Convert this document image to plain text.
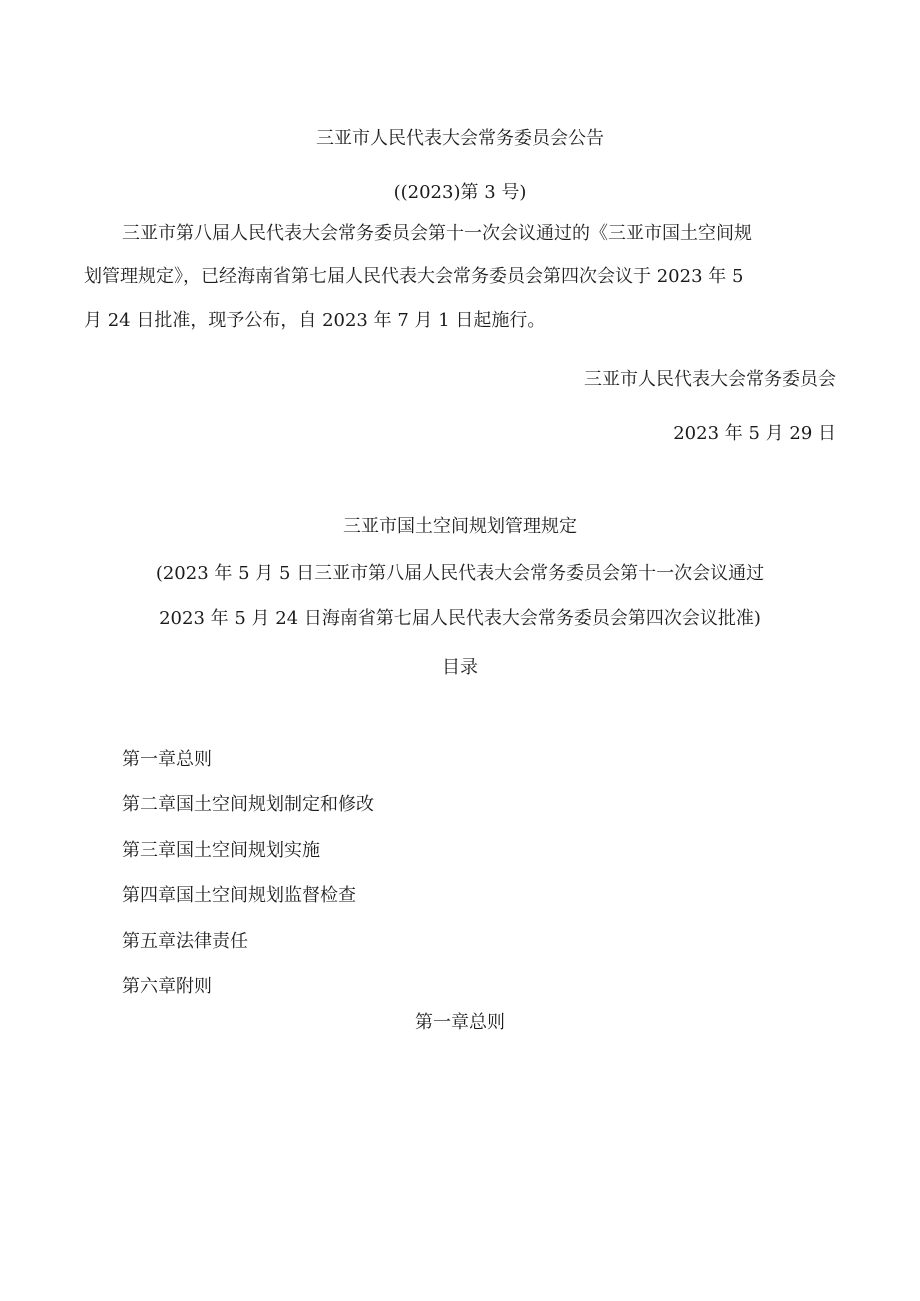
三亚市人民代表大会常务委员会公告
((2023)第 3 号)
三亚市第八届人民代表大会常务委员会第十一次会议通过的《三亚市国土空间规
划管理规定》，已经海南省第七届人民代表大会常务委员会第四次会议于 2023 年 5
月 24 日批准，现予公布，自 2023 年 7 月 1 日起施行。
三亚市人民代表大会常务委员会
2023 年 5 月 29 日
三亚市国土空间规划管理规定
(2023 年 5 月 5 日三亚市第八届人民代表大会常务委员会第十一次会议通过
2023 年 5 月 24 日海南省第七届人民代表大会常务委员会第四次会议批准)
目录
第一章总则
第二章国土空间规划制定和修改
第三章国土空间规划实施
第四章国土空间规划监督检查
第五章法律责任
第六章附则
第一章总则
